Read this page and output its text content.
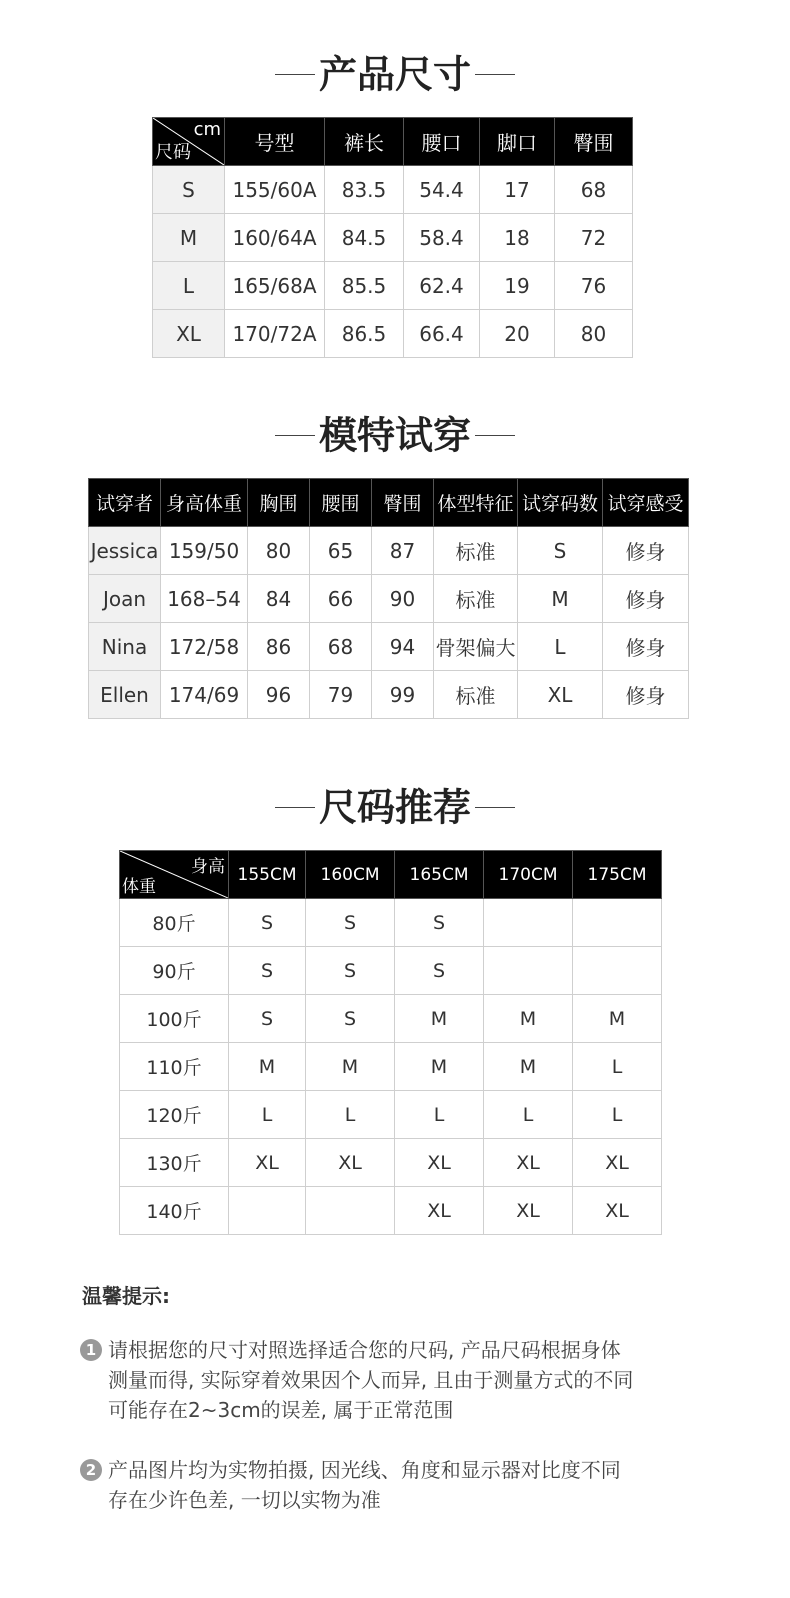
产品尺寸
cm
尺码	号型	裤长	腰口	脚口	臀围
S	155/60A	83.5	54.4	17	68
M	160/64A	84.5	58.4	18	72
L	165/68A	85.5	62.4	19	76
XL	170/72A	86.5	66.4	20	80
模特试穿
试穿者	身高体重	胸围	腰围	臀围	体型特征	试穿码数	试穿感受
Jessica	159/50	80	65	87	标准	S	修身
Joan	168–54	84	66	90	标准	M	修身
Nina	172/58	86	68	94	骨架偏大	L	修身
Ellen	174/69	96	79	99	标准	XL	修身
尺码推荐
身高
体重	155CM	160CM	165CM	170CM	175CM
80斤	S	S	S		
90斤	S	S	S		
100斤	S	S	M	M	M
110斤	M	M	M	M	L
120斤	L	L	L	L	L
130斤	XL	XL	XL	XL	XL
140斤			XL	XL	XL
温馨提示:
1 请根据您的尺寸对照选择适合您的尺码, 产品尺码根据身体
测量而得, 实际穿着效果因个人而异, 且由于测量方式的不同
可能存在2~3cm的误差, 属于正常范围
2 产品图片均为实物拍摄, 因光线、角度和显示器对比度不同
存在少许色差, 一切以实物为准
